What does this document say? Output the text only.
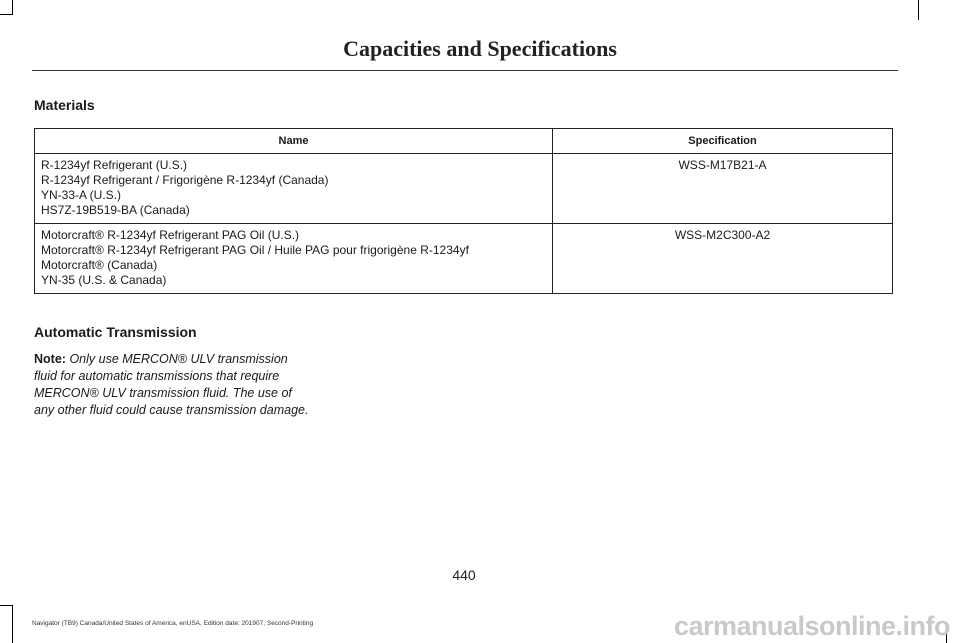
Capacities and Specifications
Materials
Name	Specification

R-1234yf Refrigerant (U.S.)
R-1234yf Refrigerant / Frigorigène R-1234yf (Canada)
YN-33-A (U.S.)
HS7Z-19B519-BA (Canada)	WSS-M17B21-A

Motorcraft® R-1234yf Refrigerant PAG Oil (U.S.)
Motorcraft® R-1234yf Refrigerant PAG Oil / Huile PAG pour frigorigène R-1234yf
Motorcraft® (Canada)
YN-35 (U.S. & Canada)	WSS-M2C300-A2
Automatic Transmission
Note: Only use MERCON® ULV transmission fluid for automatic transmissions that require MERCON® ULV transmission fluid. The use of any other fluid could cause transmission damage.
440
Navigator (TB9) Canada/United States of America, enUSA, Edition date: 201907, Second-Printing	carmanualsonline.info
